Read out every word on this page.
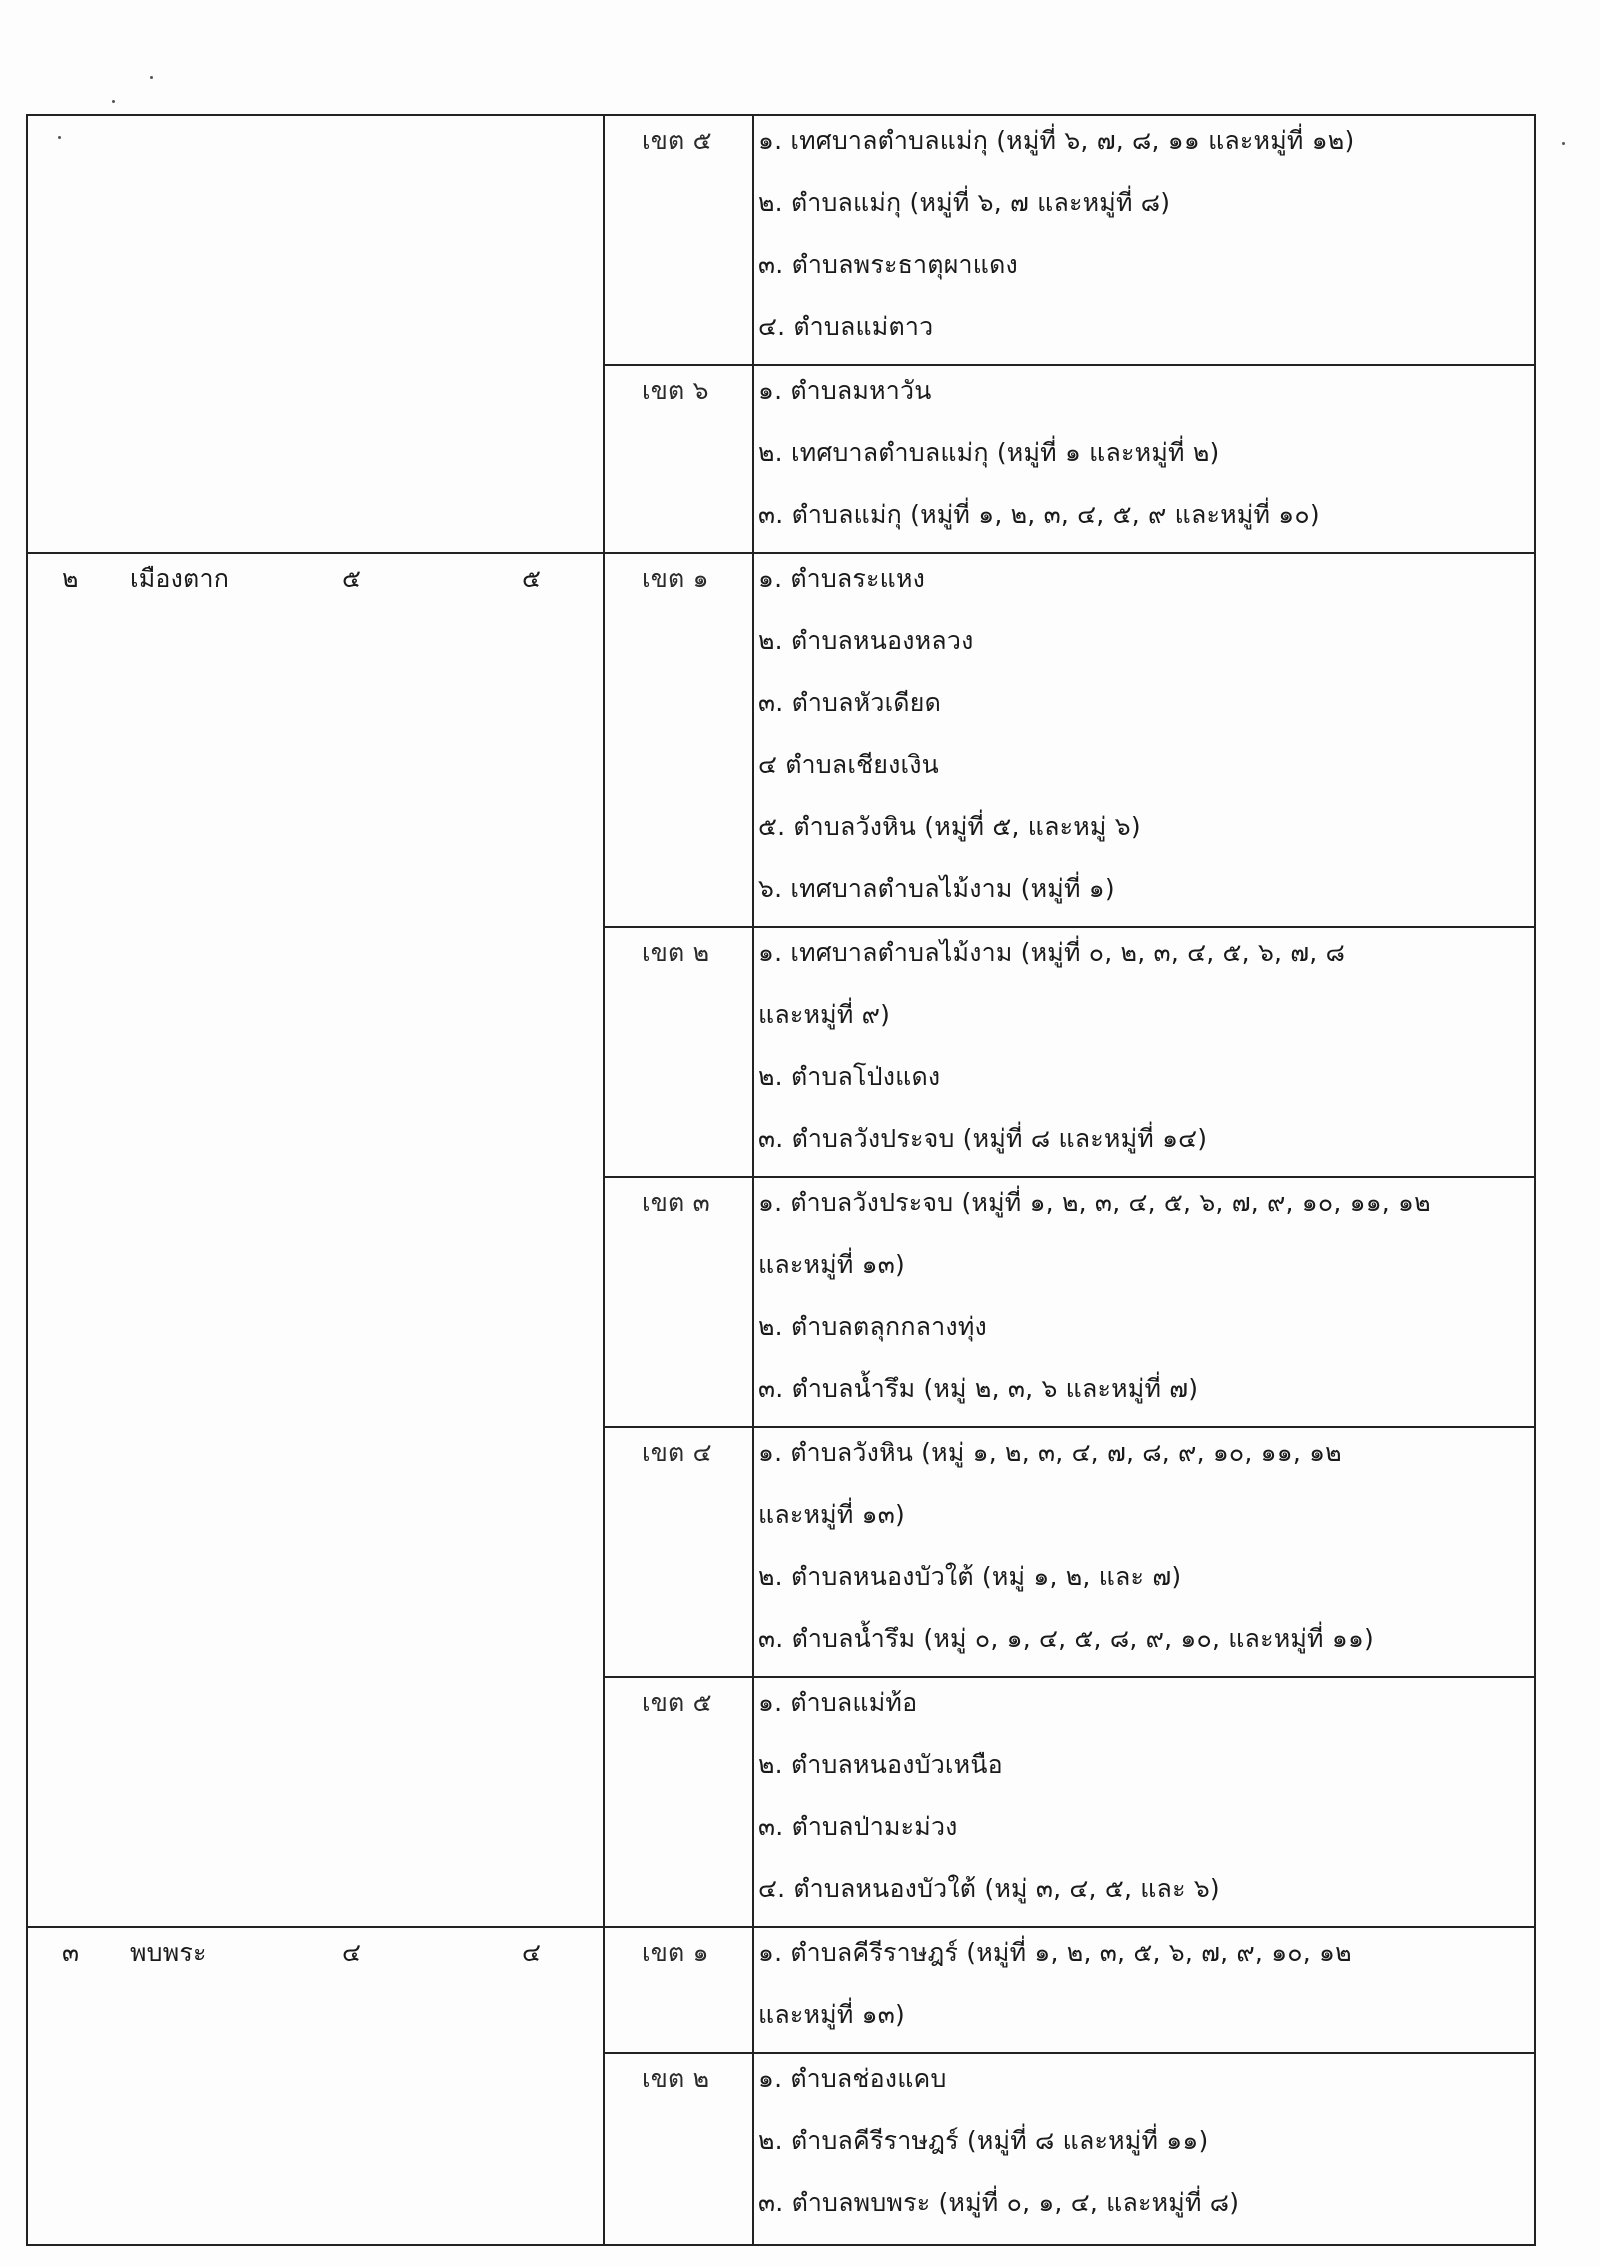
เขต ๕ ๑. เทศบาลตำบลแม่กุ (หมู่ที่ ๖, ๗, ๘, ๑๑ และหมู่ที่ ๑๒)
๒. ตำบลแม่กุ (หมู่ที่ ๖, ๗ และหมู่ที่ ๘)
๓. ตำบลพระธาตุผาแดง
๔. ตำบลแม่ตาว
เขต ๖ ๑. ตำบลมหาวัน
๒. เทศบาลตำบลแม่กุ (หมู่ที่ ๑ และหมู่ที่ ๒)
๓. ตำบลแม่กุ (หมู่ที่ ๑, ๒, ๓, ๔, ๕, ๙ และหมู่ที่ ๑๐)
๒ เมืองตาก	๕	๕	เขต ๑ ๑. ตำบลระแหง
๒. ตำบลหนองหลวง
๓. ตำบลหัวเดียด
๔ ตำบลเชียงเงิน
๕. ตำบลวังหิน (หมู่ที่ ๕, และหมู่ ๖)
๖. เทศบาลตำบลไม้งาม (หมู่ที่ ๑)
เขต ๒ ๑. เทศบาลตำบลไม้งาม (หมู่ที่ ๐, ๒, ๓, ๔, ๕, ๖, ๗, ๘
และหมู่ที่ ๙)
๒. ตำบลโป่งแดง
๓. ตำบลวังประจบ (หมู่ที่ ๘ และหมู่ที่ ๑๔)
เขต ๓ ๑. ตำบลวังประจบ (หมู่ที่ ๑, ๒, ๓, ๔, ๕, ๖, ๗, ๙, ๑๐, ๑๑, ๑๒
และหมู่ที่ ๑๓)
๒. ตำบลตลุกกลางทุ่ง
๓. ตำบลน้ำรึม (หมู่ ๒, ๓, ๖ และหมู่ที่ ๗)
เขต ๔ ๑. ตำบลวังหิน (หมู่ ๑, ๒, ๓, ๔, ๗, ๘, ๙, ๑๐, ๑๑, ๑๒
และหมู่ที่ ๑๓)
๒. ตำบลหนองบัวใต้ (หมู่ ๑, ๒, และ ๗)
๓. ตำบลน้ำรึม (หมู่ ๐, ๑, ๔, ๕, ๘, ๙, ๑๐, และหมู่ที่ ๑๑)
เขต ๕ ๑. ตำบลแม่ท้อ
๒. ตำบลหนองบัวเหนือ
๓. ตำบลป่ามะม่วง
๔. ตำบลหนองบัวใต้ (หมู่ ๓, ๔, ๕, และ ๖)
๓ พบพระ	๔	๔	เขต ๑ ๑. ตำบลคีรีราษฎร์ (หมู่ที่ ๑, ๒, ๓, ๕, ๖, ๗, ๙, ๑๐, ๑๒
และหมู่ที่ ๑๓)
เขต ๒ ๑. ตำบลช่องแคบ
๒. ตำบลคีรีราษฎร์ (หมู่ที่ ๘ และหมู่ที่ ๑๑)
๓. ตำบลพบพระ (หมู่ที่ ๐, ๑, ๔, และหมู่ที่ ๘)
